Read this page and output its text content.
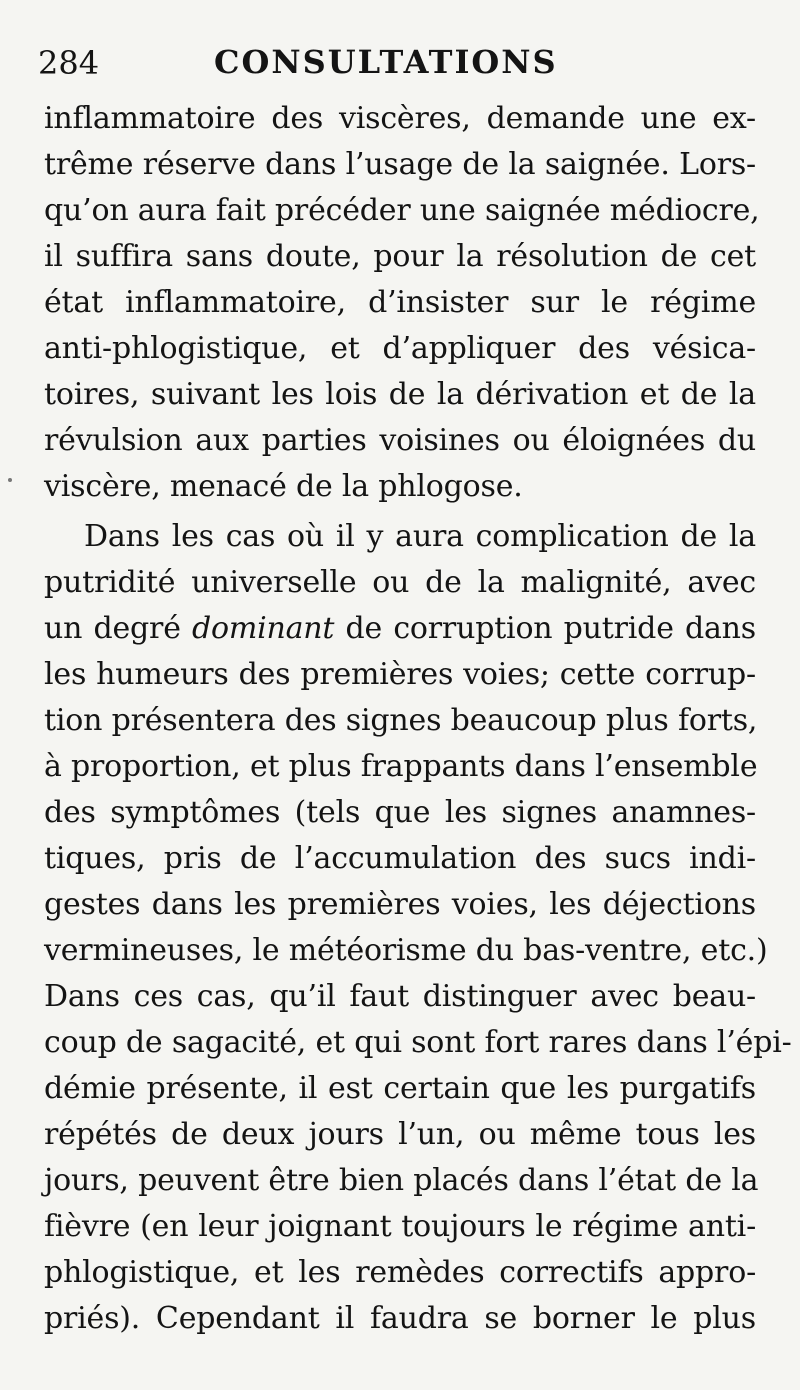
284	CONSULTATIONS
inflammatoire des viscères, demande une ex-
trême réserve dans l’usage de la saignée. Lors-
qu’on aura fait précéder une saignée médiocre,
il suffira sans doute, pour la résolution de cet
état inflammatoire, d’insister sur le régime
anti-phlogistique, et d’appliquer des vésica-
toires, suivant les lois de la dérivation et de la
révulsion aux parties voisines ou éloignées du
viscère, menacé de la phlogose.
Dans les cas où il y aura complication de la
putridité universelle ou de la malignité, avec
un degré dominant de corruption putride dans
les humeurs des premières voies; cette corrup-
tion présentera des signes beaucoup plus forts,
à proportion, et plus frappants dans l’ensemble
des symptômes (tels que les signes anamnes-
tiques, pris de l’accumulation des sucs indi-
gestes dans les premières voies, les déjections
vermineuses, le météorisme du bas-ventre, etc.)
Dans ces cas, qu’il faut distinguer avec beau-
coup de sagacité, et qui sont fort rares dans l’épi-
démie présente, il est certain que les purgatifs
répétés de deux jours l’un, ou même tous les
jours, peuvent être bien placés dans l’état de la
fièvre (en leur joignant toujours le régime anti-
phlogistique, et les remèdes correctifs appro-
priés). Cependant il faudra se borner le plus
